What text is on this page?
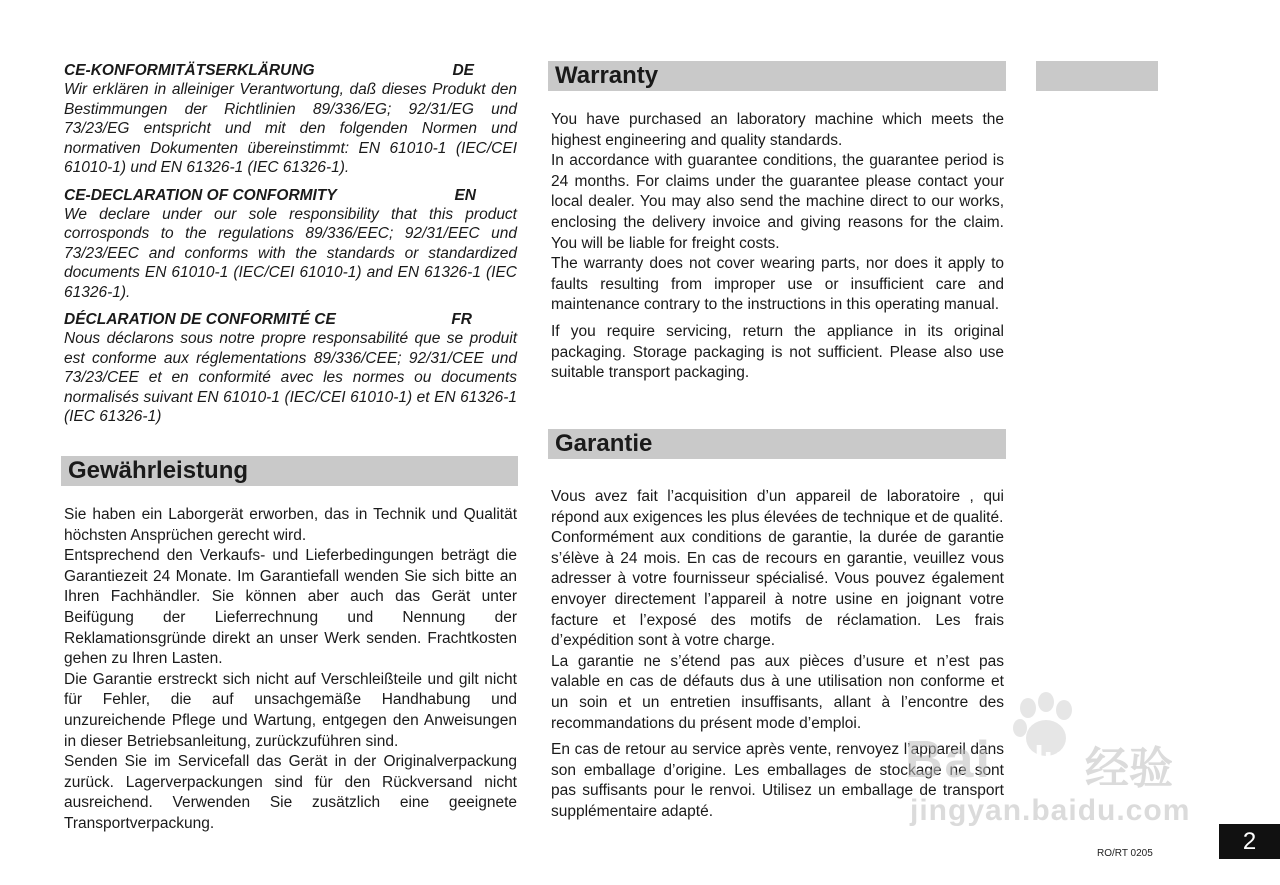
CE-KONFORMITÄTSERKLÄRUNG	DE

Wir erklären in alleiniger Verantwortung, daß dieses Produkt den Bestimmungen der Richtlinien 89/336/EG; 92/31/EG und 73/23/EG entspricht und mit den folgenden Normen und normativen Dokumenten übereinstimmt: EN 61010-1 (IEC/CEI 61010-1) und EN 61326-1 (IEC 61326-1).

CE-DECLARATION OF CONFORMITY	EN

We declare under our sole responsibility that this product corrosponds to the regulations 89/336/EEC; 92/31/EEC und 73/23/EEC and conforms with the standards or standardized documents EN 61010-1 (IEC/CEI 61010-1) and EN 61326-1 (IEC 61326-1).

DÉCLARATION DE CONFORMITÉ CE	FR

Nous déclarons sous notre propre responsabilité que se produit est conforme aux réglementations 89/336/CEE; 92/31/CEE und 73/23/CEE et en conformité avec les normes ou documents normalisés suivant EN 61010-1 (IEC/CEI 61010-1) et EN 61326-1 (IEC 61326-1)

Gewährleistung

Sie haben ein Laborgerät erworben, das in Technik und Qualität höchsten Ansprüchen gerecht wird.

Entsprechend den Verkaufs- und Lieferbedingungen beträgt die Garantiezeit 24 Monate. Im Garantiefall wenden Sie sich bitte an Ihren Fachhändler. Sie können aber auch das Gerät unter Beifügung der Lieferrechnung und Nennung der Reklamationsgründe direkt an unser Werk senden. Frachtkosten gehen zu Ihren Lasten.

Die Garantie erstreckt sich nicht auf Verschleißteile und gilt nicht für Fehler, die auf unsachgemäße Handhabung und unzureichende Pflege und Wartung, entgegen den Anweisungen in dieser Betriebsanleitung, zurückzuführen sind.

Senden Sie im Servicefall das Gerät in der Originalverpackung zurück. Lagerverpackungen sind für den Rückversand nicht ausreichend. Verwenden Sie zusätzlich eine geeignete Transportverpackung.

Warranty

You have purchased an laboratory machine which meets the highest engineering and quality standards.

In accordance with guarantee conditions, the guarantee period is 24 months. For claims under the guarantee please contact your local dealer. You may also send the machine direct to our works, enclosing the delivery invoice and giving reasons for the claim. You will be liable for freight costs.

The warranty does not cover wearing parts, nor does it apply to faults resulting from improper use or insufficient care and maintenance contrary to the instructions in this operating manual.

If you require servicing, return the appliance in its original packaging. Storage packaging is not sufficient. Please also use suitable transport packaging.

Garantie

Vous avez fait l’acquisition d’un appareil de laboratoire , qui répond aux exigences les plus élevées de technique et de qualité.

Conformément aux conditions de garantie, la durée de garantie s’élève à 24 mois. En cas de recours en garantie, veuillez vous adresser à votre fournisseur spécialisé. Vous pouvez également envoyer directement l’appareil à notre usine en joignant votre facture et l’exposé des motifs de réclamation. Les frais d’expédition sont à votre charge.

La garantie ne s’étend pas aux pièces d’usure et n’est pas valable en cas de défauts dus à une utilisation non conforme et un soin et un entretien insuffisants, allant à l’encontre des recommandations du présent mode d’emploi.

En cas de retour au service après vente, renvoyez l’appareil dans son emballage d’origine. Les emballages de stockage ne sont pas suffisants pour le renvoi. Utilisez un emballage de transport supplémentaire adapté.

Bai du 经验
jingyan.baidu.com
RO/RT 0205	2
